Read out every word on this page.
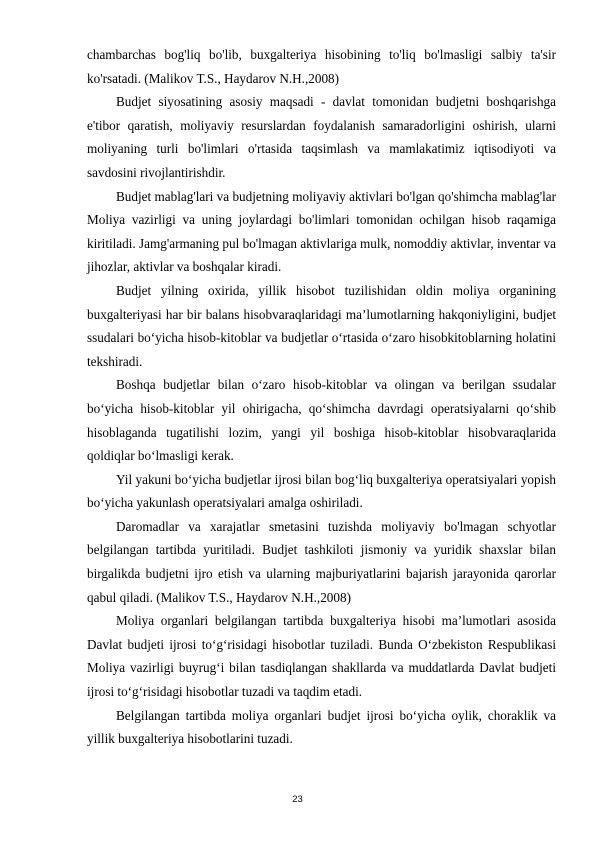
chambarchas bog'liq bo'lib, buxgalteriya hisobining to'liq bo'lmasligi salbiy ta'sir ko'rsatadi. (Malikov T.S., Haydarov N.H.,2008)

Budjet siyosatining asosiy maqsadi - davlat tomonidan budjetni boshqarishga e'tibor qaratish, moliyaviy resurslardan foydalanish samaradorligini oshirish, ularni moliyaning turli bo'limlari o'rtasida taqsimlash va mamlakatimiz iqtisodiyoti va savdosini rivojlantirishdir.

Budjet mablag'lari va budjetning moliyaviy aktivlari bo'lgan qo'shimcha mablag'lar Moliya vazirligi va uning joylardagi bo'limlari tomonidan ochilgan hisob raqamiga kiritiladi. Jamg'armaning pul bo'lmagan aktivlariga mulk, nomoddiy aktivlar, inventar va jihozlar, aktivlar va boshqalar kiradi.

Budjet yilning oxirida, yillik hisobot tuzilishidan oldin moliya organining buxgalteriyasi har bir balans hisobvaraqlaridagi ma’lumotlarning hakqoniyligini, budjet ssudalari bo‘yicha hisob-kitoblar va budjetlar o‘rtasida o‘zaro hisobkitoblarning holatini tekshiradi.

Boshqa budjetlar bilan o‘zaro hisob-kitoblar va olingan va berilgan ssudalar bo‘yicha hisob-kitoblar yil ohirigacha, qo‘shimcha davrdagi operatsiyalarni qo‘shib hisoblaganda tugatilishi lozim, yangi yil boshiga hisob-kitoblar hisobvaraqlarida qoldiqlar bo‘lmasligi kerak.

Yil yakuni bo‘yicha budjetlar ijrosi bilan bog‘liq buxgalteriya operatsiyalari yopish bo‘yicha yakunlash operatsiyalari amalga oshiriladi.

Daromadlar va xarajatlar smetasini tuzishda moliyaviy bo'lmagan schyotlar belgilangan tartibda yuritiladi. Budjet tashkiloti jismoniy va yuridik shaxslar bilan birgalikda budjetni ijro etish va ularning majburiyatlarini bajarish jarayonida qarorlar qabul qiladi. (Malikov T.S., Haydarov N.H.,2008)

Moliya organlari belgilangan tartibda buxgalteriya hisobi ma’lumotlari asosida Davlat budjeti ijrosi to‘g‘risidagi hisobotlar tuziladi. Bunda O‘zbekiston Respublikasi Moliya vazirligi buyrug‘i bilan tasdiqlangan shakllarda va muddatlarda Davlat budjeti ijrosi to‘g‘risidagi hisobotlar tuzadi va taqdim etadi.

Belgilangan tartibda moliya organlari budjet ijrosi bo‘yicha oylik, choraklik va yillik buxgalteriya hisobotlarini tuzadi.

23
